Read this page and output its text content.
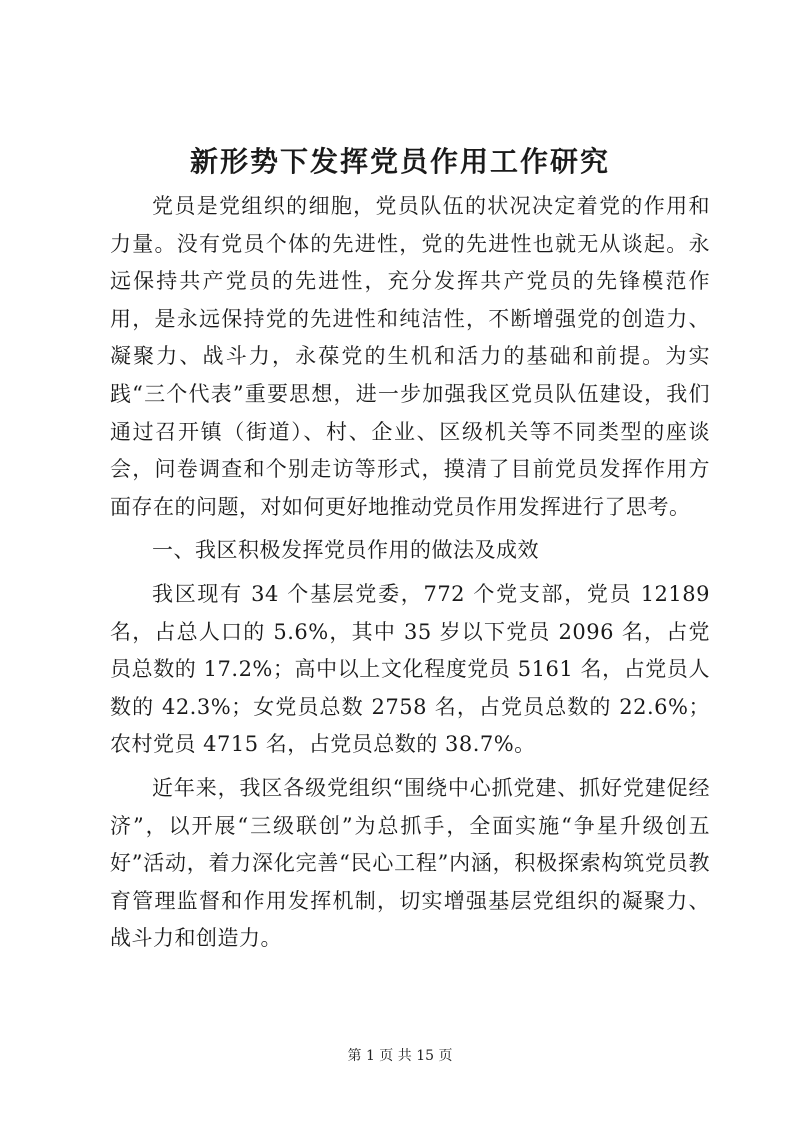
新形势下发挥党员作用工作研究

党员是党组织的细胞，党员队伍的状况决定着党的作用和力量。没有党员个体的先进性，党的先进性也就无从谈起。永远保持共产党员的先进性，充分发挥共产党员的先锋模范作用，是永远保持党的先进性和纯洁性，不断增强党的创造力、凝聚力、战斗力，永葆党的生机和活力的基础和前提。为实践“三个代表”重要思想，进一步加强我区党员队伍建设，我们通过召开镇（街道）、村、企业、区级机关等不同类型的座谈会，问卷调查和个别走访等形式，摸清了目前党员发挥作用方面存在的问题，对如何更好地推动党员作用发挥进行了思考。

一、我区积极发挥党员作用的做法及成效

我区现有 34 个基层党委，772 个党支部，党员 12189 名，占总人口的 5.6%，其中 35 岁以下党员 2096 名，占党员总数的 17.2%；高中以上文化程度党员 5161 名，占党员人数的 42.3%；女党员总数 2758 名，占党员总数的 22.6%；农村党员 4715 名，占党员总数的 38.7%。

近年来，我区各级党组织“围绕中心抓党建、抓好党建促经济”，以开展“三级联创”为总抓手，全面实施“争星升级创五好”活动，着力深化完善“民心工程”内涵，积极探索构筑党员教育管理监督和作用发挥机制，切实增强基层党组织的凝聚力、战斗力和创造力。

第 1 页 共 15 页
